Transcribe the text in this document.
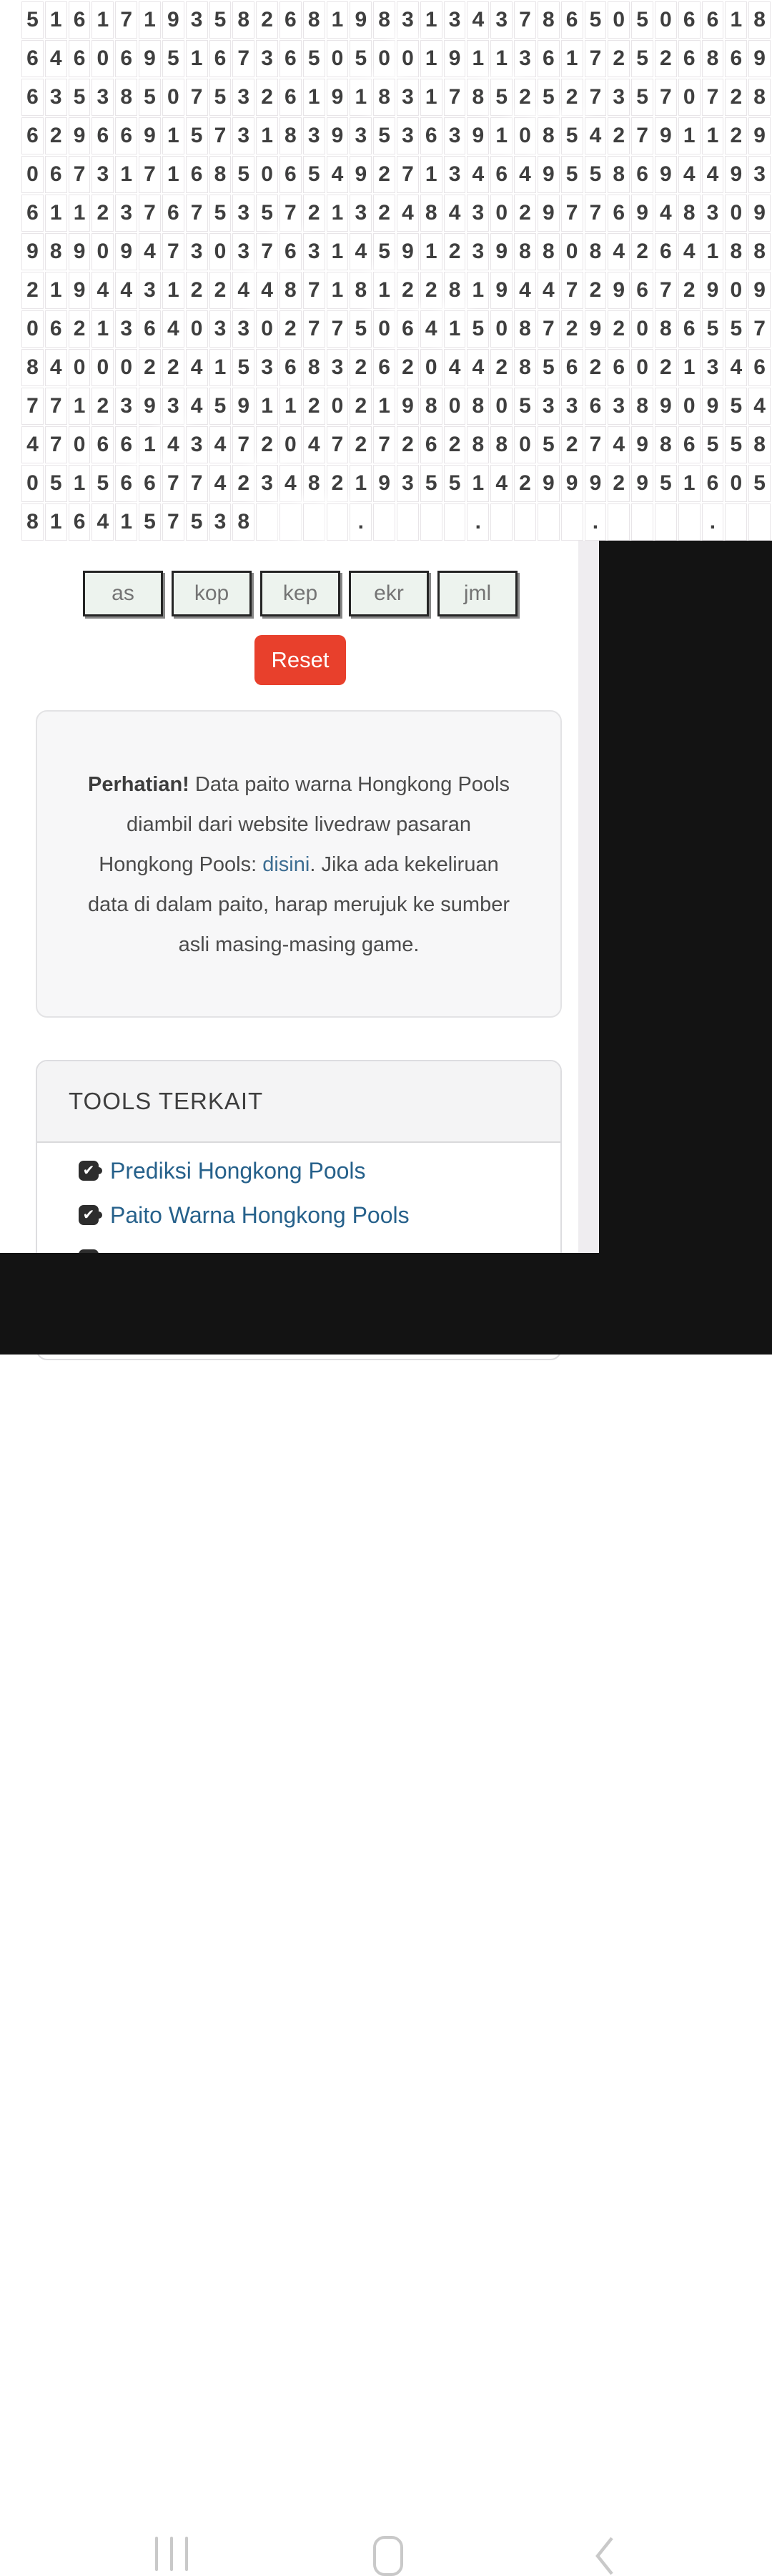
5	1	6	1	7	1	9	3	5	8	2	6	8	1	9	8	3	1	3	4	3	7	8	6	5	0	5	0	6	6	1	8
6	4	6	0	6	9	5	1	6	7	3	6	5	0	5	0	0	1	9	1	1	3	6	1	7	2	5	2	6	8	6	9
6	3	5	3	8	5	0	7	5	3	2	6	1	9	1	8	3	1	7	8	5	2	5	2	7	3	5	7	0	7	2	8
6	2	9	6	6	9	1	5	7	3	1	8	3	9	3	5	3	6	3	9	1	0	8	5	4	2	7	9	1	1	2	9
0	6	7	3	1	7	1	6	8	5	0	6	5	4	9	2	7	1	3	4	6	4	9	5	5	8	6	9	4	4	9	3
6	1	1	2	3	7	6	7	5	3	5	7	2	1	3	2	4	8	4	3	0	2	9	7	7	6	9	4	8	3	0	9
9	8	9	0	9	4	7	3	0	3	7	6	3	1	4	5	9	1	2	3	9	8	8	0	8	4	2	6	4	1	8	8
2	1	9	4	4	3	1	2	2	4	4	8	7	1	8	1	2	2	8	1	9	4	4	7	2	9	6	7	2	9	0	9
0	6	2	1	3	6	4	0	3	3	0	2	7	7	5	0	6	4	1	5	0	8	7	2	9	2	0	8	6	5	5	7
8	4	0	0	0	2	2	4	1	5	3	6	8	3	2	6	2	0	4	4	2	8	5	6	2	6	0	2	1	3	4	6
7	7	1	2	3	9	3	4	5	9	1	1	2	0	2	1	9	8	0	8	0	5	3	3	6	3	8	9	0	9	5	4
4	7	0	6	6	1	4	3	4	7	2	0	4	7	2	7	2	6	2	8	8	0	5	2	7	4	9	8	6	5	5	8
0	5	1	5	6	6	7	7	4	2	3	4	8	2	1	9	3	5	5	1	4	2	9	9	9	2	9	5	1	6	0	5
8	1	6	4	1	5	7	5	3	8					.					.					.					.		
as	kop	kep	ekr	jml
Reset
Perhatian! Data paito warna Hongkong Pools diambil dari website livedraw pasaran Hongkong Pools: disini. Jika ada kekeliruan data di dalam paito, harap merujuk ke sumber asli masing-masing game.
TOOLS TERKAIT
✔ Prediksi Hongkong Pools
✔ Paito Warna Hongkong Pools
